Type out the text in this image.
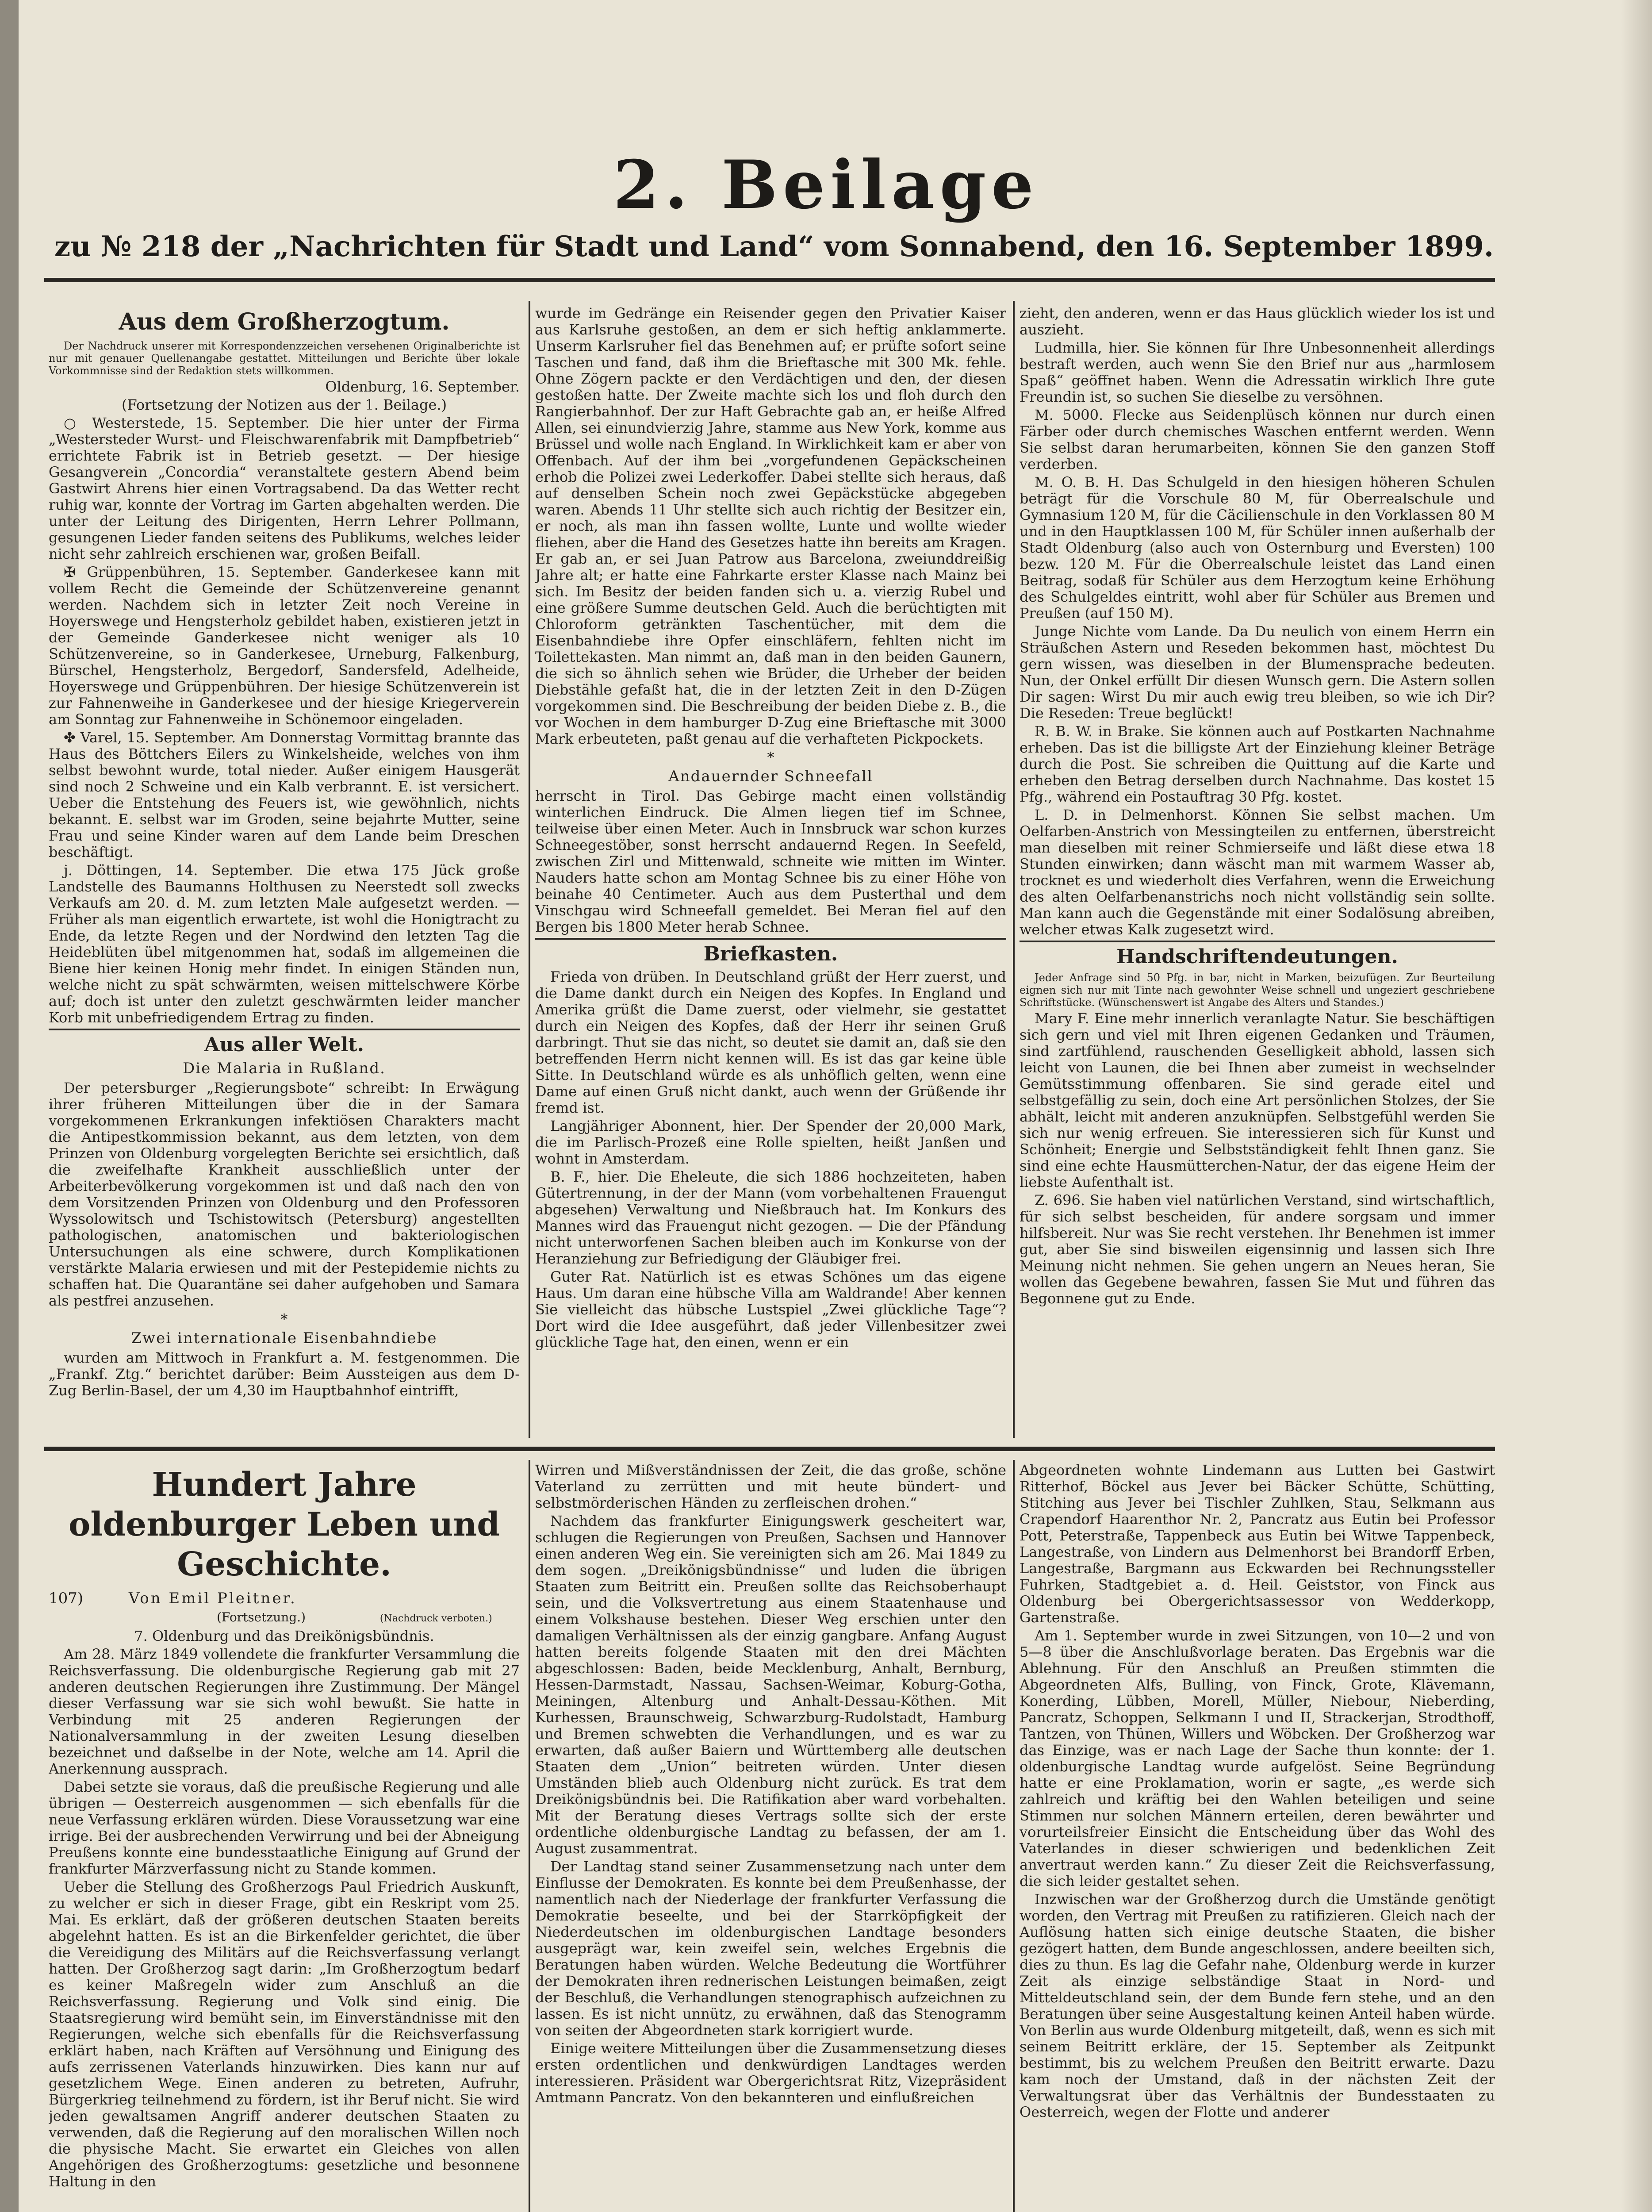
2. Beilage
zu № 218 der „Nachrichten für Stadt und Land“ vom Sonnabend, den 16. September 1899.
Aus dem Großherzogtum.

Der Nachdruck unserer mit Korrespondenzzeichen versehenen Originalberichte ist nur mit genauer Quellenangabe gestattet. Mitteilungen und Berichte über lokale Vorkommnisse sind der Redaktion stets willkommen.

Oldenburg, 16. September.

(Fortsetzung der Notizen aus der 1. Beilage.)

○ Westerstede, 15. September. Die hier unter der Firma „Westersteder Wurst- und Fleischwarenfabrik mit Dampfbetrieb“ errichtete Fabrik ist in Betrieb gesetzt. — Der hiesige Gesangverein „Concordia“ veranstaltete gestern Abend beim Gastwirt Ahrens hier einen Vortragsabend. Da das Wetter recht ruhig war, konnte der Vortrag im Garten abgehalten werden. Die unter der Leitung des Dirigenten, Herrn Lehrer Pollmann, gesungenen Lieder fanden seitens des Publikums, welches leider nicht sehr zahlreich erschienen war, großen Beifall.

✠ Grüppenbühren, 15. September. Ganderkesee kann mit vollem Recht die Gemeinde der Schützenvereine genannt werden. Nachdem sich in letzter Zeit noch Vereine in Hoyerswege und Hengsterholz gebildet haben, existieren jetzt in der Gemeinde Ganderkesee nicht weniger als 10 Schützenvereine, so in Ganderkesee, Urneburg, Falkenburg, Bürschel, Hengsterholz, Bergedorf, Sandersfeld, Adelheide, Hoyerswege und Grüppenbühren. Der hiesige Schützenverein ist zur Fahnenweihe in Ganderkesee und der hiesige Kriegerverein am Sonntag zur Fahnenweihe in Schönemoor eingeladen.

✤ Varel, 15. September. Am Donnerstag Vormittag brannte das Haus des Böttchers Eilers zu Winkelsheide, welches von ihm selbst bewohnt wurde, total nieder. Außer einigem Hausgerät sind noch 2 Schweine und ein Kalb verbrannt. E. ist versichert. Ueber die Entstehung des Feuers ist, wie gewöhnlich, nichts bekannt. E. selbst war im Groden, seine bejahrte Mutter, seine Frau und seine Kinder waren auf dem Lande beim Dreschen beschäftigt.

j. Döttingen, 14. September. Die etwa 175 Jück große Landstelle des Baumanns Holthusen zu Neerstedt soll zwecks Verkaufs am 20. d. M. zum letzten Male aufgesetzt werden. — Früher als man eigentlich erwartete, ist wohl die Honigtracht zu Ende, da letzte Regen und der Nordwind den letzten Tag die Heideblüten übel mitgenommen hat, sodaß im allgemeinen die Biene hier keinen Honig mehr findet. In einigen Ständen nun, welche nicht zu spät schwärmten, weisen mittelschwere Körbe auf; doch ist unter den zuletzt geschwärmten leider mancher Korb mit unbefriedigendem Ertrag zu finden.

Aus aller Welt.
Die Malaria in Rußland.

Der petersburger „Regierungsbote“ schreibt: In Erwägung ihrer früheren Mitteilungen über die in der Samara vorgekommenen Erkrankungen infektiösen Charakters macht die Antipestkommission bekannt, aus dem letzten, von dem Prinzen von Oldenburg vorgelegten Berichte sei ersichtlich, daß die zweifelhafte Krankheit ausschließlich unter der Arbeiterbevölkerung vorgekommen ist und daß nach den von dem Vorsitzenden Prinzen von Oldenburg und den Professoren Wyssolowitsch und Tschistowitsch (Petersburg) angestellten pathologischen, anatomischen und bakteriologischen Untersuchungen als eine schwere, durch Komplikationen verstärkte Malaria erwiesen und mit der Pestepidemie nichts zu schaffen hat. Die Quarantäne sei daher aufgehoben und Samara als pestfrei anzusehen.

*
Zwei internationale Eisenbahndiebe

wurden am Mittwoch in Frankfurt a. M. festgenommen. Die „Frankf. Ztg.“ berichtet darüber: Beim Aussteigen aus dem D-Zug Berlin-Basel, der um 4,30 im Hauptbahnhof eintrifft,

wurde im Gedränge ein Reisender gegen den Privatier Kaiser aus Karlsruhe gestoßen, an dem er sich heftig anklammerte. Unserm Karlsruher fiel das Benehmen auf; er prüfte sofort seine Taschen und fand, daß ihm die Brieftasche mit 300 Mk. fehle. Ohne Zögern packte er den Verdächtigen und den, der diesen gestoßen hatte. Der Zweite machte sich los und floh durch den Rangierbahnhof. Der zur Haft Gebrachte gab an, er heiße Alfred Allen, sei einundvierzig Jahre, stamme aus New York, komme aus Brüssel und wolle nach England. In Wirklichkeit kam er aber von Offenbach. Auf der ihm bei „vorgefundenen Gepäckscheinen erhob die Polizei zwei Lederkoffer. Dabei stellte sich heraus, daß auf denselben Schein noch zwei Gepäckstücke abgegeben waren. Abends 11 Uhr stellte sich auch richtig der Besitzer ein, er noch, als man ihn fassen wollte, Lunte und wollte wieder fliehen, aber die Hand des Gesetzes hatte ihn bereits am Kragen. Er gab an, er sei Juan Patrow aus Barcelona, zweiunddreißig Jahre alt; er hatte eine Fahrkarte erster Klasse nach Mainz bei sich. Im Besitz der beiden fanden sich u. a. vierzig Rubel und eine größere Summe deutschen Geld. Auch die berüchtigten mit Chloroform getränkten Taschentücher, mit dem die Eisenbahndiebe ihre Opfer einschläfern, fehlten nicht im Toilettekasten. Man nimmt an, daß man in den beiden Gaunern, die sich so ähnlich sehen wie Brüder, die Urheber der beiden Diebstähle gefaßt hat, die in der letzten Zeit in den D-Zügen vorgekommen sind. Die Beschreibung der beiden Diebe z. B., die vor Wochen in dem hamburger D-Zug eine Brieftasche mit 3000 Mark erbeuteten, paßt genau auf die verhafteten Pickpockets.

*
Andauernder Schneefall

herrscht in Tirol. Das Gebirge macht einen vollständig winterlichen Eindruck. Die Almen liegen tief im Schnee, teilweise über einen Meter. Auch in Innsbruck war schon kurzes Schneegestöber, sonst herrscht andauernd Regen. In Seefeld, zwischen Zirl und Mittenwald, schneite wie mitten im Winter. Nauders hatte schon am Montag Schnee bis zu einer Höhe von beinahe 40 Centimeter. Auch aus dem Pusterthal und dem Vinschgau wird Schneefall gemeldet. Bei Meran fiel auf den Bergen bis 1800 Meter herab Schnee.

Briefkasten.

Frieda von drüben. In Deutschland grüßt der Herr zuerst, und die Dame dankt durch ein Neigen des Kopfes. In England und Amerika grüßt die Dame zuerst, oder vielmehr, sie gestattet durch ein Neigen des Kopfes, daß der Herr ihr seinen Gruß darbringt. Thut sie das nicht, so deutet sie damit an, daß sie den betreffenden Herrn nicht kennen will. Es ist das gar keine üble Sitte. In Deutschland würde es als unhöflich gelten, wenn eine Dame auf einen Gruß nicht dankt, auch wenn der Grüßende ihr fremd ist.

Langjähriger Abonnent, hier. Der Spender der 20,000 Mark, die im Parlisch-Prozeß eine Rolle spielten, heißt Janßen und wohnt in Amsterdam.

B. F., hier. Die Eheleute, die sich 1886 hochzeiteten, haben Gütertrennung, in der der Mann (vom vorbehaltenen Frauengut abgesehen) Verwaltung und Nießbrauch hat. Im Konkurs des Mannes wird das Frauengut nicht gezogen. — Die der Pfändung nicht unterworfenen Sachen bleiben auch im Konkurse von der Heranziehung zur Befriedigung der Gläubiger frei.

Guter Rat. Natürlich ist es etwas Schönes um das eigene Haus. Um daran eine hübsche Villa am Waldrande! Aber kennen Sie vielleicht das hübsche Lustspiel „Zwei glückliche Tage“? Dort wird die Idee ausgeführt, daß jeder Villenbesitzer zwei glückliche Tage hat, den einen, wenn er ein

zieht, den anderen, wenn er das Haus glücklich wieder los ist und auszieht.

Ludmilla, hier. Sie können für Ihre Unbesonnenheit allerdings bestraft werden, auch wenn Sie den Brief nur aus „harmlosem Spaß“ geöffnet haben. Wenn die Adressatin wirklich Ihre gute Freundin ist, so suchen Sie dieselbe zu versöhnen.

M. 5000. Flecke aus Seidenplüsch können nur durch einen Färber oder durch chemisches Waschen entfernt werden. Wenn Sie selbst daran herumarbeiten, können Sie den ganzen Stoff verderben.

M. O. B. H. Das Schulgeld in den hiesigen höheren Schulen beträgt für die Vorschule 80 M, für Oberrealschule und Gymnasium 120 M, für die Cäcilienschule in den Vorklassen 80 M und in den Hauptklassen 100 M, für Schüler innen außerhalb der Stadt Oldenburg (also auch von Osternburg und Eversten) 100 bezw. 120 M. Für die Oberrealschule leistet das Land einen Beitrag, sodaß für Schüler aus dem Herzogtum keine Erhöhung des Schulgeldes eintritt, wohl aber für Schüler aus Bremen und Preußen (auf 150 M).

Junge Nichte vom Lande. Da Du neulich von einem Herrn ein Sträußchen Astern und Reseden bekommen hast, möchtest Du gern wissen, was dieselben in der Blumensprache bedeuten. Nun, der Onkel erfüllt Dir diesen Wunsch gern. Die Astern sollen Dir sagen: Wirst Du mir auch ewig treu bleiben, so wie ich Dir? Die Reseden: Treue beglückt!

R. B. W. in Brake. Sie können auch auf Postkarten Nachnahme erheben. Das ist die billigste Art der Einziehung kleiner Beträge durch die Post. Sie schreiben die Quittung auf die Karte und erheben den Betrag derselben durch Nachnahme. Das kostet 15 Pfg., während ein Postauftrag 30 Pfg. kostet.

L. D. in Delmenhorst. Können Sie selbst machen. Um Oelfarben-Anstrich von Messingteilen zu entfernen, überstreicht man dieselben mit reiner Schmierseife und läßt diese etwa 18 Stunden einwirken; dann wäscht man mit warmem Wasser ab, trocknet es und wiederholt dies Verfahren, wenn die Erweichung des alten Oelfarbenanstrichs noch nicht vollständig sein sollte. Man kann auch die Gegenstände mit einer Sodalösung abreiben, welcher etwas Kalk zugesetzt wird.

Handschriftendeutungen.

Jeder Anfrage sind 50 Pfg. in bar, nicht in Marken, beizufügen. Zur Beurteilung eignen sich nur mit Tinte nach gewohnter Weise schnell und ungeziert geschriebene Schriftstücke. (Wünschenswert ist Angabe des Alters und Standes.)

Mary F. Eine mehr innerlich veranlagte Natur. Sie beschäftigen sich gern und viel mit Ihren eigenen Gedanken und Träumen, sind zartfühlend, rauschenden Geselligkeit abhold, lassen sich leicht von Launen, die bei Ihnen aber zumeist in wechselnder Gemütsstimmung offenbaren. Sie sind gerade eitel und selbstgefällig zu sein, doch eine Art persönlichen Stolzes, der Sie abhält, leicht mit anderen anzuknüpfen. Selbstgefühl werden Sie sich nur wenig erfreuen. Sie interessieren sich für Kunst und Schönheit; Energie und Selbstständigkeit fehlt Ihnen ganz. Sie sind eine echte Hausmütterchen-Natur, der das eigene Heim der liebste Aufenthalt ist.

Z. 696. Sie haben viel natürlichen Verstand, sind wirtschaftlich, für sich selbst bescheiden, für andere sorgsam und immer hilfsbereit. Nur was Sie recht verstehen. Ihr Benehmen ist immer gut, aber Sie sind bisweilen eigensinnig und lassen sich Ihre Meinung nicht nehmen. Sie gehen ungern an Neues heran, Sie wollen das Gegebene bewahren, fassen Sie Mut und führen das Begonnene gut zu Ende.

Hundert Jahre oldenburger Leben und Geschichte.
107)	Von Emil Pleitner.
(Fortsetzung.)	(Nachdruck verboten.)

7. Oldenburg und das Dreikönigsbündnis.

Am 28. März 1849 vollendete die frankfurter Versammlung die Reichsverfassung. Die oldenburgische Regierung gab mit 27 anderen deutschen Regierungen ihre Zustimmung. Der Mängel dieser Verfassung war sie sich wohl bewußt. Sie hatte in Verbindung mit 25 anderen Regierungen der Nationalversammlung in der zweiten Lesung dieselben bezeichnet und daßselbe in der Note, welche am 14. April die Anerkennung aussprach.

Dabei setzte sie voraus, daß die preußische Regierung und alle übrigen — Oesterreich ausgenommen — sich ebenfalls für die neue Verfassung erklären würden. Diese Voraussetzung war eine irrige. Bei der ausbrechenden Verwirrung und bei der Abneigung Preußens konnte eine bundesstaatliche Einigung auf Grund der frankfurter Märzverfassung nicht zu Stande kommen.

Ueber die Stellung des Großherzogs Paul Friedrich Auskunft, zu welcher er sich in dieser Frage, gibt ein Reskript vom 25. Mai. Es erklärt, daß der größeren deutschen Staaten bereits abgelehnt hatten. Es ist an die Birkenfelder gerichtet, die über die Vereidigung des Militärs auf die Reichsverfassung verlangt hatten. Der Großherzog sagt darin: „Im Großherzogtum bedarf es keiner Maßregeln wider zum Anschluß an die Reichsverfassung. Regierung und Volk sind einig. Die Staatsregierung wird bemüht sein, im Einverständnisse mit den Regierungen, welche sich ebenfalls für die Reichsverfassung erklärt haben, nach Kräften auf Versöhnung und Einigung des aufs zerrissenen Vaterlands hinzuwirken. Dies kann nur auf gesetzlichem Wege. Einen anderen zu betreten, Aufruhr, Bürgerkrieg teilnehmend zu fördern, ist ihr Beruf nicht. Sie wird jeden gewaltsamen Angriff anderer deutschen Staaten zu verwenden, daß die Regierung auf den moralischen Willen noch die physische Macht. Sie erwartet ein Gleiches von allen Angehörigen des Großherzogtums: gesetzliche und besonnene Haltung in den

Wirren und Mißverständnissen der Zeit, die das große, schöne Vaterland zu zerrütten und mit heute bündert- und selbstmörderischen Händen zu zerfleischen drohen.“

Nachdem das frankfurter Einigungswerk gescheitert war, schlugen die Regierungen von Preußen, Sachsen und Hannover einen anderen Weg ein. Sie vereinigten sich am 26. Mai 1849 zu dem sogen. „Dreikönigsbündnisse“ und luden die übrigen Staaten zum Beitritt ein. Preußen sollte das Reichsoberhaupt sein, und die Volksvertretung aus einem Staatenhause und einem Volkshause bestehen. Dieser Weg erschien unter den damaligen Verhältnissen als der einzig gangbare. Anfang August hatten bereits folgende Staaten mit den drei Mächten abgeschlossen: Baden, beide Mecklenburg, Anhalt, Bernburg, Hessen-Darmstadt, Nassau, Sachsen-Weimar, Koburg-Gotha, Meiningen, Altenburg und Anhalt-Dessau-Köthen. Mit Kurhessen, Braunschweig, Schwarzburg-Rudolstadt, Hamburg und Bremen schwebten die Verhandlungen, und es war zu erwarten, daß außer Baiern und Württemberg alle deutschen Staaten dem „Union“ beitreten würden. Unter diesen Umständen blieb auch Oldenburg nicht zurück. Es trat dem Dreikönigsbündnis bei. Die Ratifikation aber ward vorbehalten. Mit der Beratung dieses Vertrags sollte sich der erste ordentliche oldenburgische Landtag zu befassen, der am 1. August zusammentrat.

Der Landtag stand seiner Zusammensetzung nach unter dem Einflusse der Demokraten. Es konnte bei dem Preußenhasse, der namentlich nach der Niederlage der frankfurter Verfassung die Demokratie beseelte, und bei der Starrköpfigkeit der Niederdeutschen im oldenburgischen Landtage besonders ausgeprägt war, kein zweifel sein, welches Ergebnis die Beratungen haben würden. Welche Bedeutung die Wortführer der Demokraten ihren rednerischen Leistungen beimaßen, zeigt der Beschluß, die Verhandlungen stenographisch aufzeichnen zu lassen. Es ist nicht unnütz, zu erwähnen, daß das Stenogramm von seiten der Abgeordneten stark korrigiert wurde.

Einige weitere Mitteilungen über die Zusammensetzung dieses ersten ordentlichen und denkwürdigen Landtages werden interessieren. Präsident war Obergerichtsrat Ritz, Vizepräsident Amtmann Pancratz. Von den bekannteren und einflußreichen

Abgeordneten wohnte Lindemann aus Lutten bei Gastwirt Ritterhof, Böckel aus Jever bei Bäcker Schütte, Schütting, Stitching aus Jever bei Tischler Zuhlken, Stau, Selkmann aus Crapendorf Haarenthor Nr. 2, Pancratz aus Eutin bei Professor Pott, Peterstraße, Tappenbeck aus Eutin bei Witwe Tappenbeck, Langestraße, von Lindern aus Delmenhorst bei Brandorff Erben, Langestraße, Bargmann aus Eckwarden bei Rechnungssteller Fuhrken, Stadtgebiet a. d. Heil. Geiststor, von Finck aus Oldenburg bei Obergerichtsassessor von Wedderkopp, Gartenstraße.

Am 1. September wurde in zwei Sitzungen, von 10—2 und von 5—8 über die Anschlußvorlage beraten. Das Ergebnis war die Ablehnung. Für den Anschluß an Preußen stimmten die Abgeordneten Alfs, Bulling, von Finck, Grote, Klävemann, Konerding, Lübben, Morell, Müller, Niebour, Nieberding, Pancratz, Schoppen, Selkmann I und II, Strackerjan, Strodthoff, Tantzen, von Thünen, Willers und Wöbcken. Der Großherzog war das Einzige, was er nach Lage der Sache thun konnte: der 1. oldenburgische Landtag wurde aufgelöst. Seine Begründung hatte er eine Proklamation, worin er sagte, „es werde sich zahlreich und kräftig bei den Wahlen beteiligen und seine Stimmen nur solchen Männern erteilen, deren bewährter und vorurteilsfreier Einsicht die Entscheidung über das Wohl des Vaterlandes in dieser schwierigen und bedenklichen Zeit anvertraut werden kann.“ Zu dieser Zeit die Reichsverfassung, die sich leider gestaltet sehen.

Inzwischen war der Großherzog durch die Umstände genötigt worden, den Vertrag mit Preußen zu ratifizieren. Gleich nach der Auflösung hatten sich einige deutsche Staaten, die bisher gezögert hatten, dem Bunde angeschlossen, andere beeilten sich, dies zu thun. Es lag die Gefahr nahe, Oldenburg werde in kurzer Zeit als einzige selbständige Staat in Nord- und Mitteldeutschland sein, der dem Bunde fern stehe, und an den Beratungen über seine Ausgestaltung keinen Anteil haben würde. Von Berlin aus wurde Oldenburg mitgeteilt, daß, wenn es sich mit seinem Beitritt erkläre, der 15. September als Zeitpunkt bestimmt, bis zu welchem Preußen den Beitritt erwarte. Dazu kam noch der Umstand, daß in der nächsten Zeit der Verwaltungsrat über das Verhältnis der Bundesstaaten zu Oesterreich, wegen der Flotte und anderer
